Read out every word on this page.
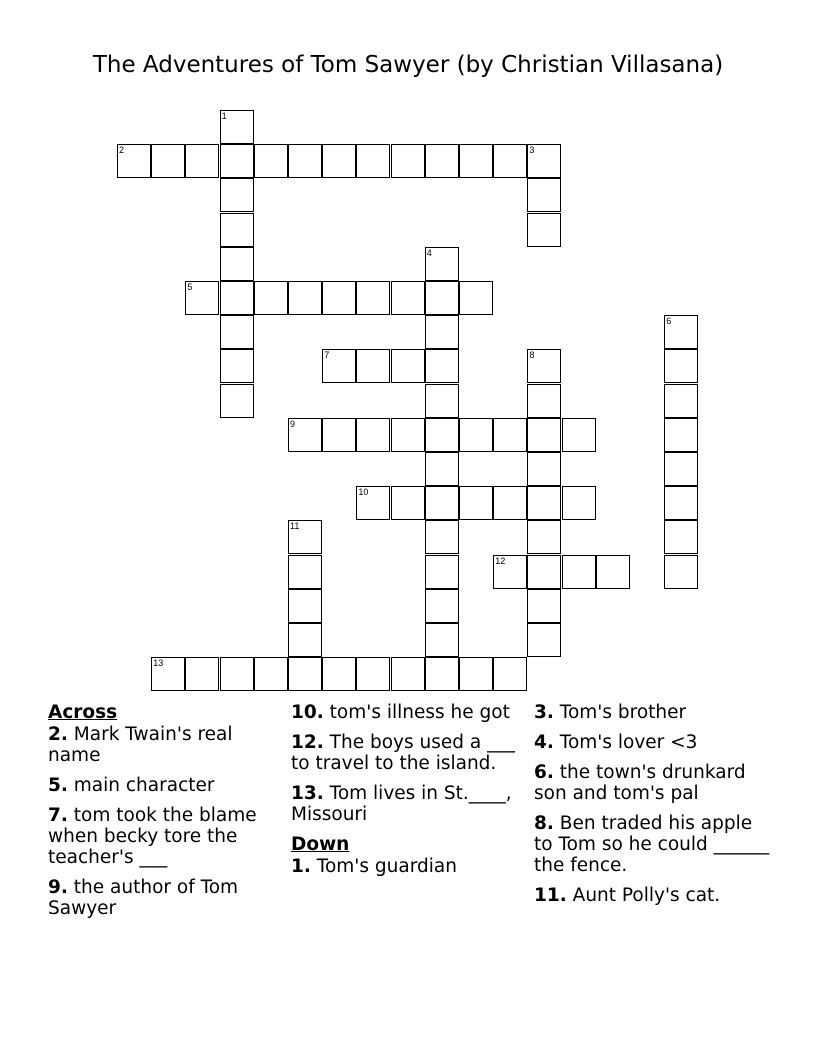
The Adventures of Tom Sawyer (by Christian Villasana)
1
2	3
4
5
6
7	8
9
10
11
12
13
Across
2. Mark Twain's real name
5. main character
7. tom took the blame when becky tore the teacher's ___
9. the author of Tom Sawyer
10. tom's illness he got
12. The boys used a ___ to travel to the island.
13. Tom lives in St.____, Missouri
Down
1. Tom's guardian
3. Tom's brother
4. Tom's lover <3
6. the town's drunkard son and tom's pal
8. Ben traded his apple to Tom so he could ______ the fence.
11. Aunt Polly's cat.
